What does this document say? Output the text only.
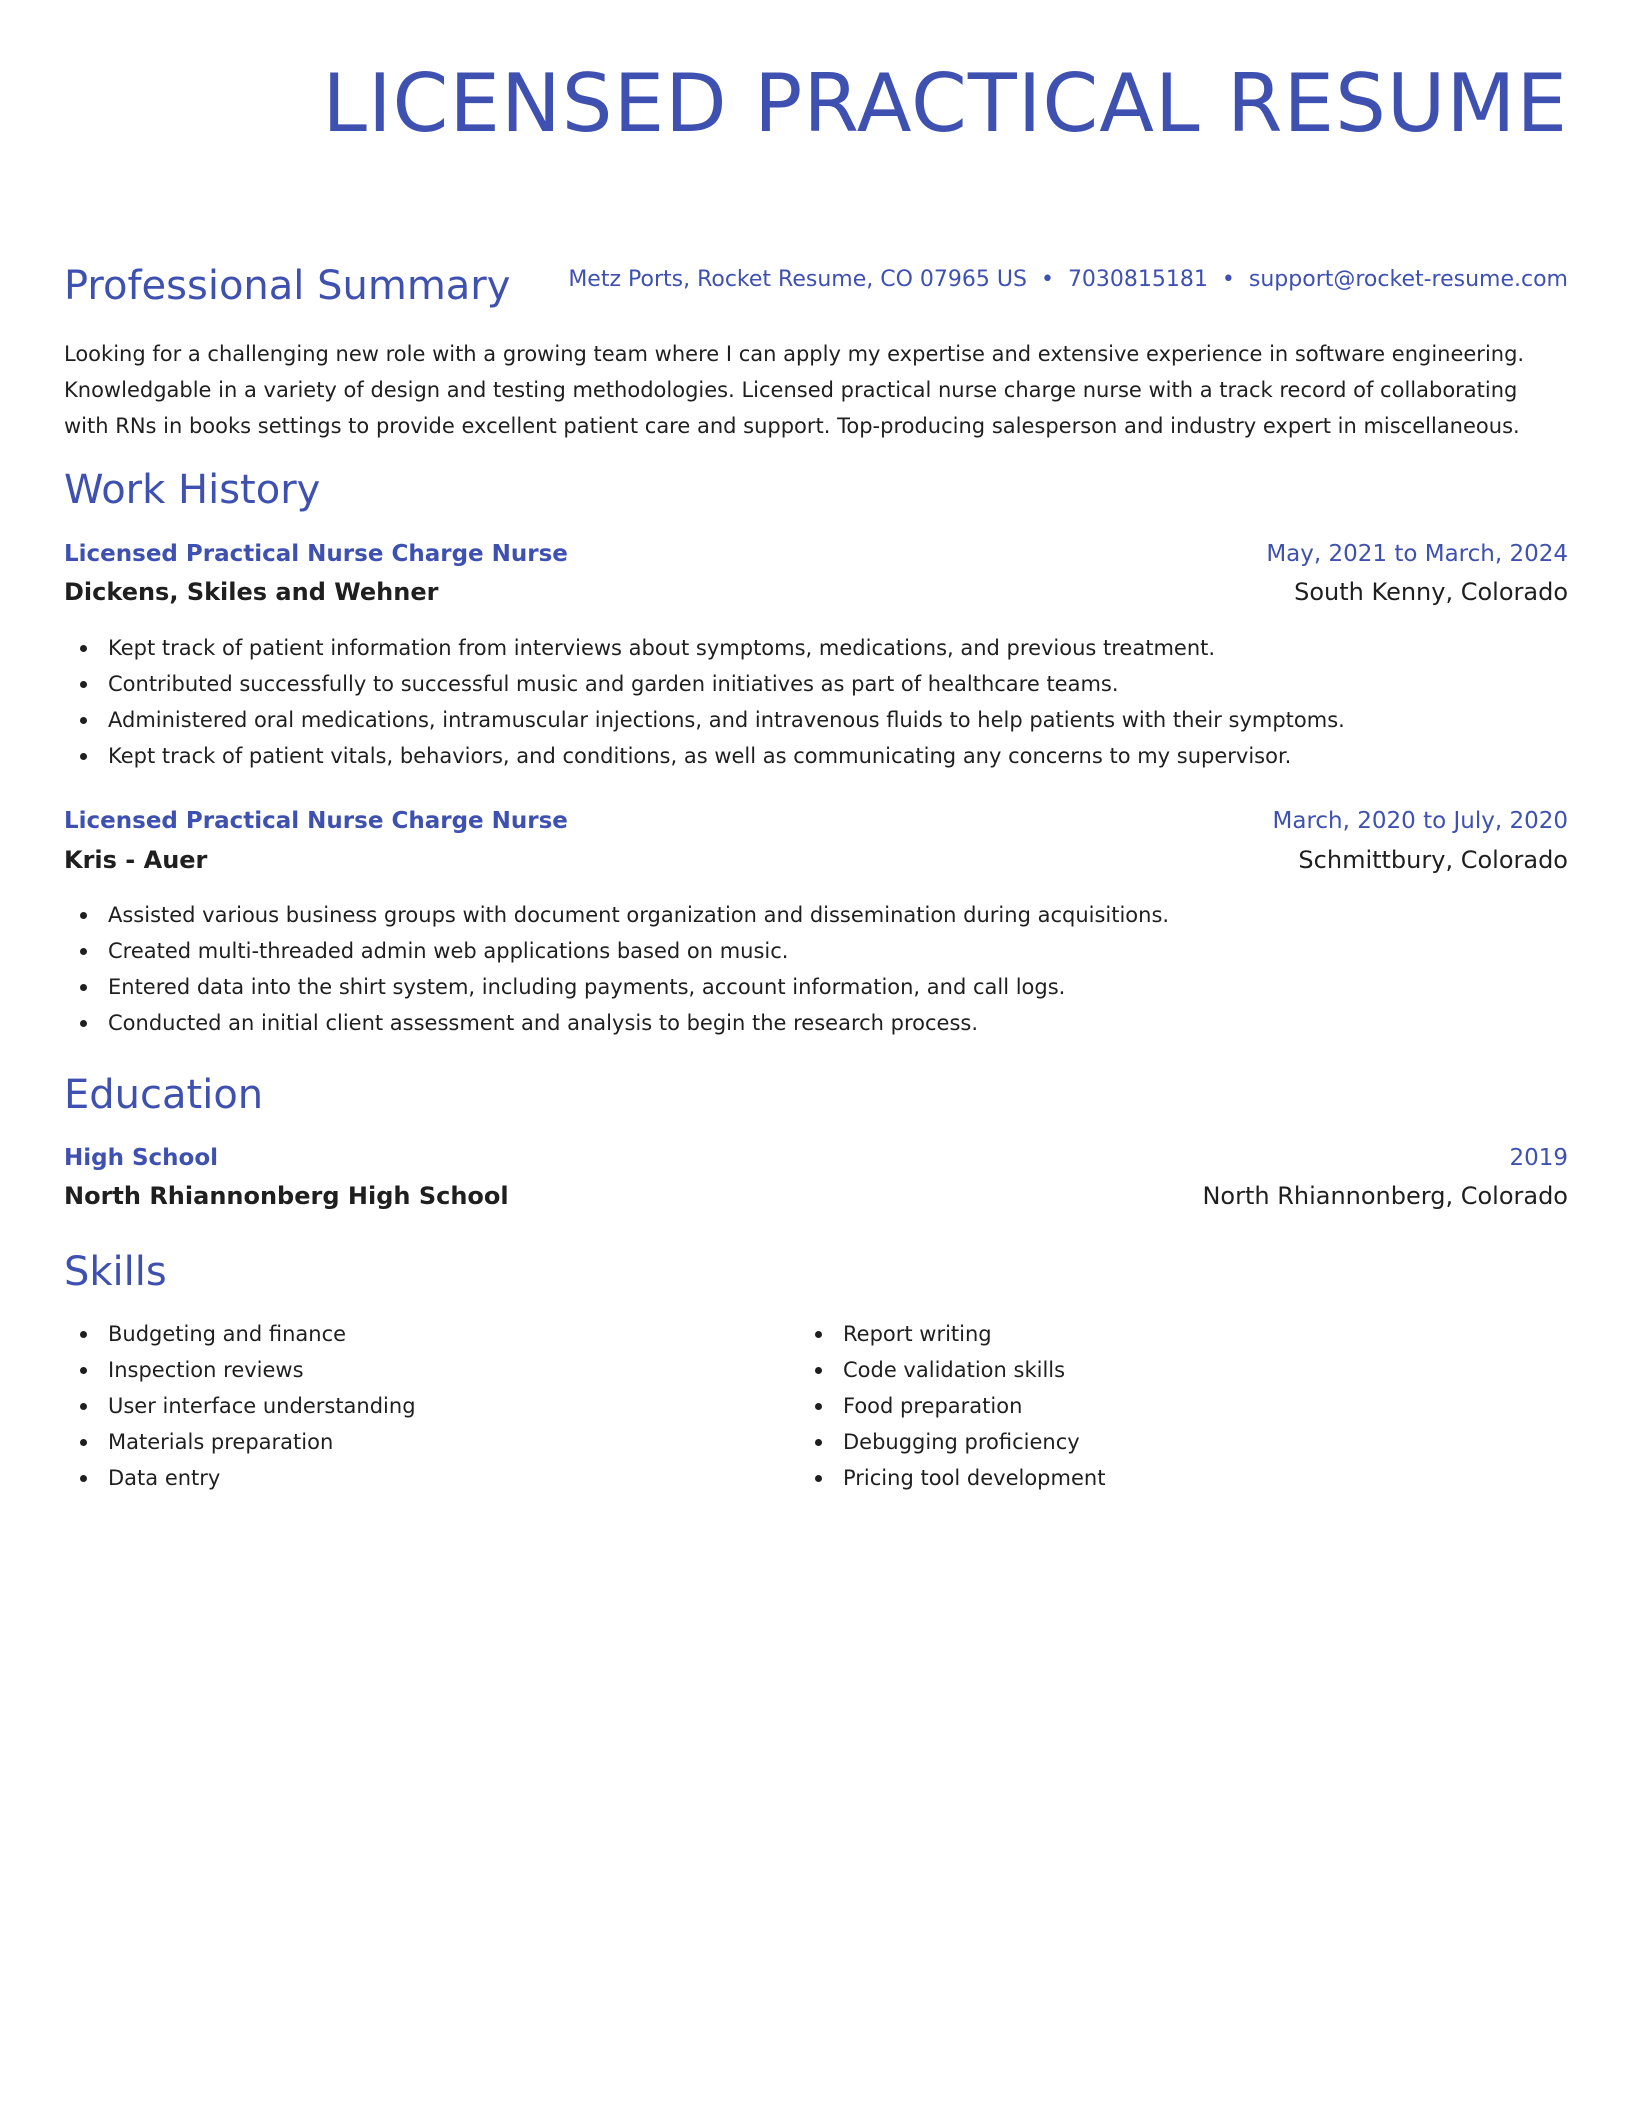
LICENSED PRACTICAL RESUME
Metz Ports, Rocket Resume, CO 07965 US • 7030815181 • support@rocket-resume.com
Professional Summary

Looking for a challenging new role with a growing team where I can apply my expertise and extensive experience in software engineering. Knowledgable in a variety of design and testing methodologies. Licensed practical nurse charge nurse with a track record of collaborating with RNs in books settings to provide excellent patient care and support. Top-producing salesperson and industry expert in miscellaneous.

Work History
Licensed Practical Nurse Charge Nurse	May, 2021 to March, 2024
Dickens, Skiles and Wehner	South Kenny, Colorado
Kept track of patient information from interviews about symptoms, medications, and previous treatment.
Contributed successfully to successful music and garden initiatives as part of healthcare teams.
Administered oral medications, intramuscular injections, and intravenous fluids to help patients with their symptoms.
Kept track of patient vitals, behaviors, and conditions, as well as communicating any concerns to my supervisor.
Licensed Practical Nurse Charge Nurse	March, 2020 to July, 2020
Kris - Auer	Schmittbury, Colorado
Assisted various business groups with document organization and dissemination during acquisitions.
Created multi-threaded admin web applications based on music.
Entered data into the shirt system, including payments, account information, and call logs.
Conducted an initial client assessment and analysis to begin the research process.
Education
High School	2019
North Rhiannonberg High School	North Rhiannonberg, Colorado
Skills
Budgeting and finance
Inspection reviews
User interface understanding
Materials preparation
Data entry
Report writing
Code validation skills
Food preparation
Debugging proficiency
Pricing tool development
